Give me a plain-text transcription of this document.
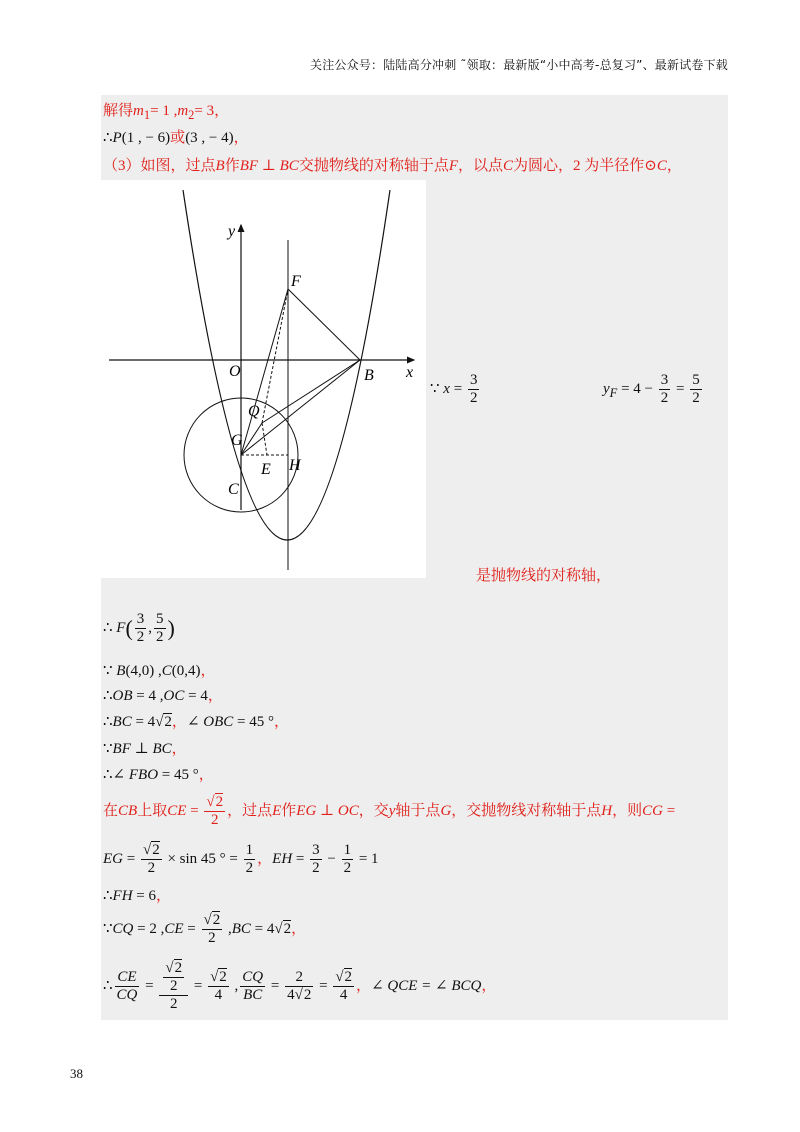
关注公众号：陆陆高分冲刺 ˜领取：最新版“小中高考-总复习”、最新试卷下载
解得$m_1= 1$ $,m_2= 3$，
∴P(1 , − 6)或(3 , − 4)，
（3）如图，过点B作BF ⊥ BC交抛物线的对称轴于点F，以点C为圆心，2 为半径作⊙C，
y
x
O	B
F
Q
G
E H
C
∵ $x = \frac{3}{2}$	$y_F = 4 - \frac{3}{2} = \frac{5}{2}$
是抛物线的对称轴，
∴ $F( \frac{3}{2}$ , $\frac{5}{2}$ )
∵ B(4,0) ,C(0,4)，
∴OB = 4 ,OC = 4，
∴BC = 4√2，∠ OBC = 45 °，
∵BF ⊥ BC，
∴∠ FBO = 45 °，
在CB上取CE = $\frac{√2}{2}$ ，过点E作EG ⊥ OC，交y轴于点G，交抛物线对称轴于点H，则CG =
EG = $\frac{√2}{2} \times \sin 45$ ° = $\frac{1}{2}$ ，EH = $\frac{3}{2} - \frac{1}{2} = 1$
∴FH = 6，
∵CQ = 2 $,CE = \frac{√2}{2} ,BC = 4√2$，
∴ $\frac{CE}{CQ} = \frac{\frac{√2}{2}}{2} = \frac{√2}{4}$ , $\frac{CQ}{BC} = \frac{2}{4√2} = \frac{√2}{4}$ ，∠ QCE = ∠ BCQ，
38
